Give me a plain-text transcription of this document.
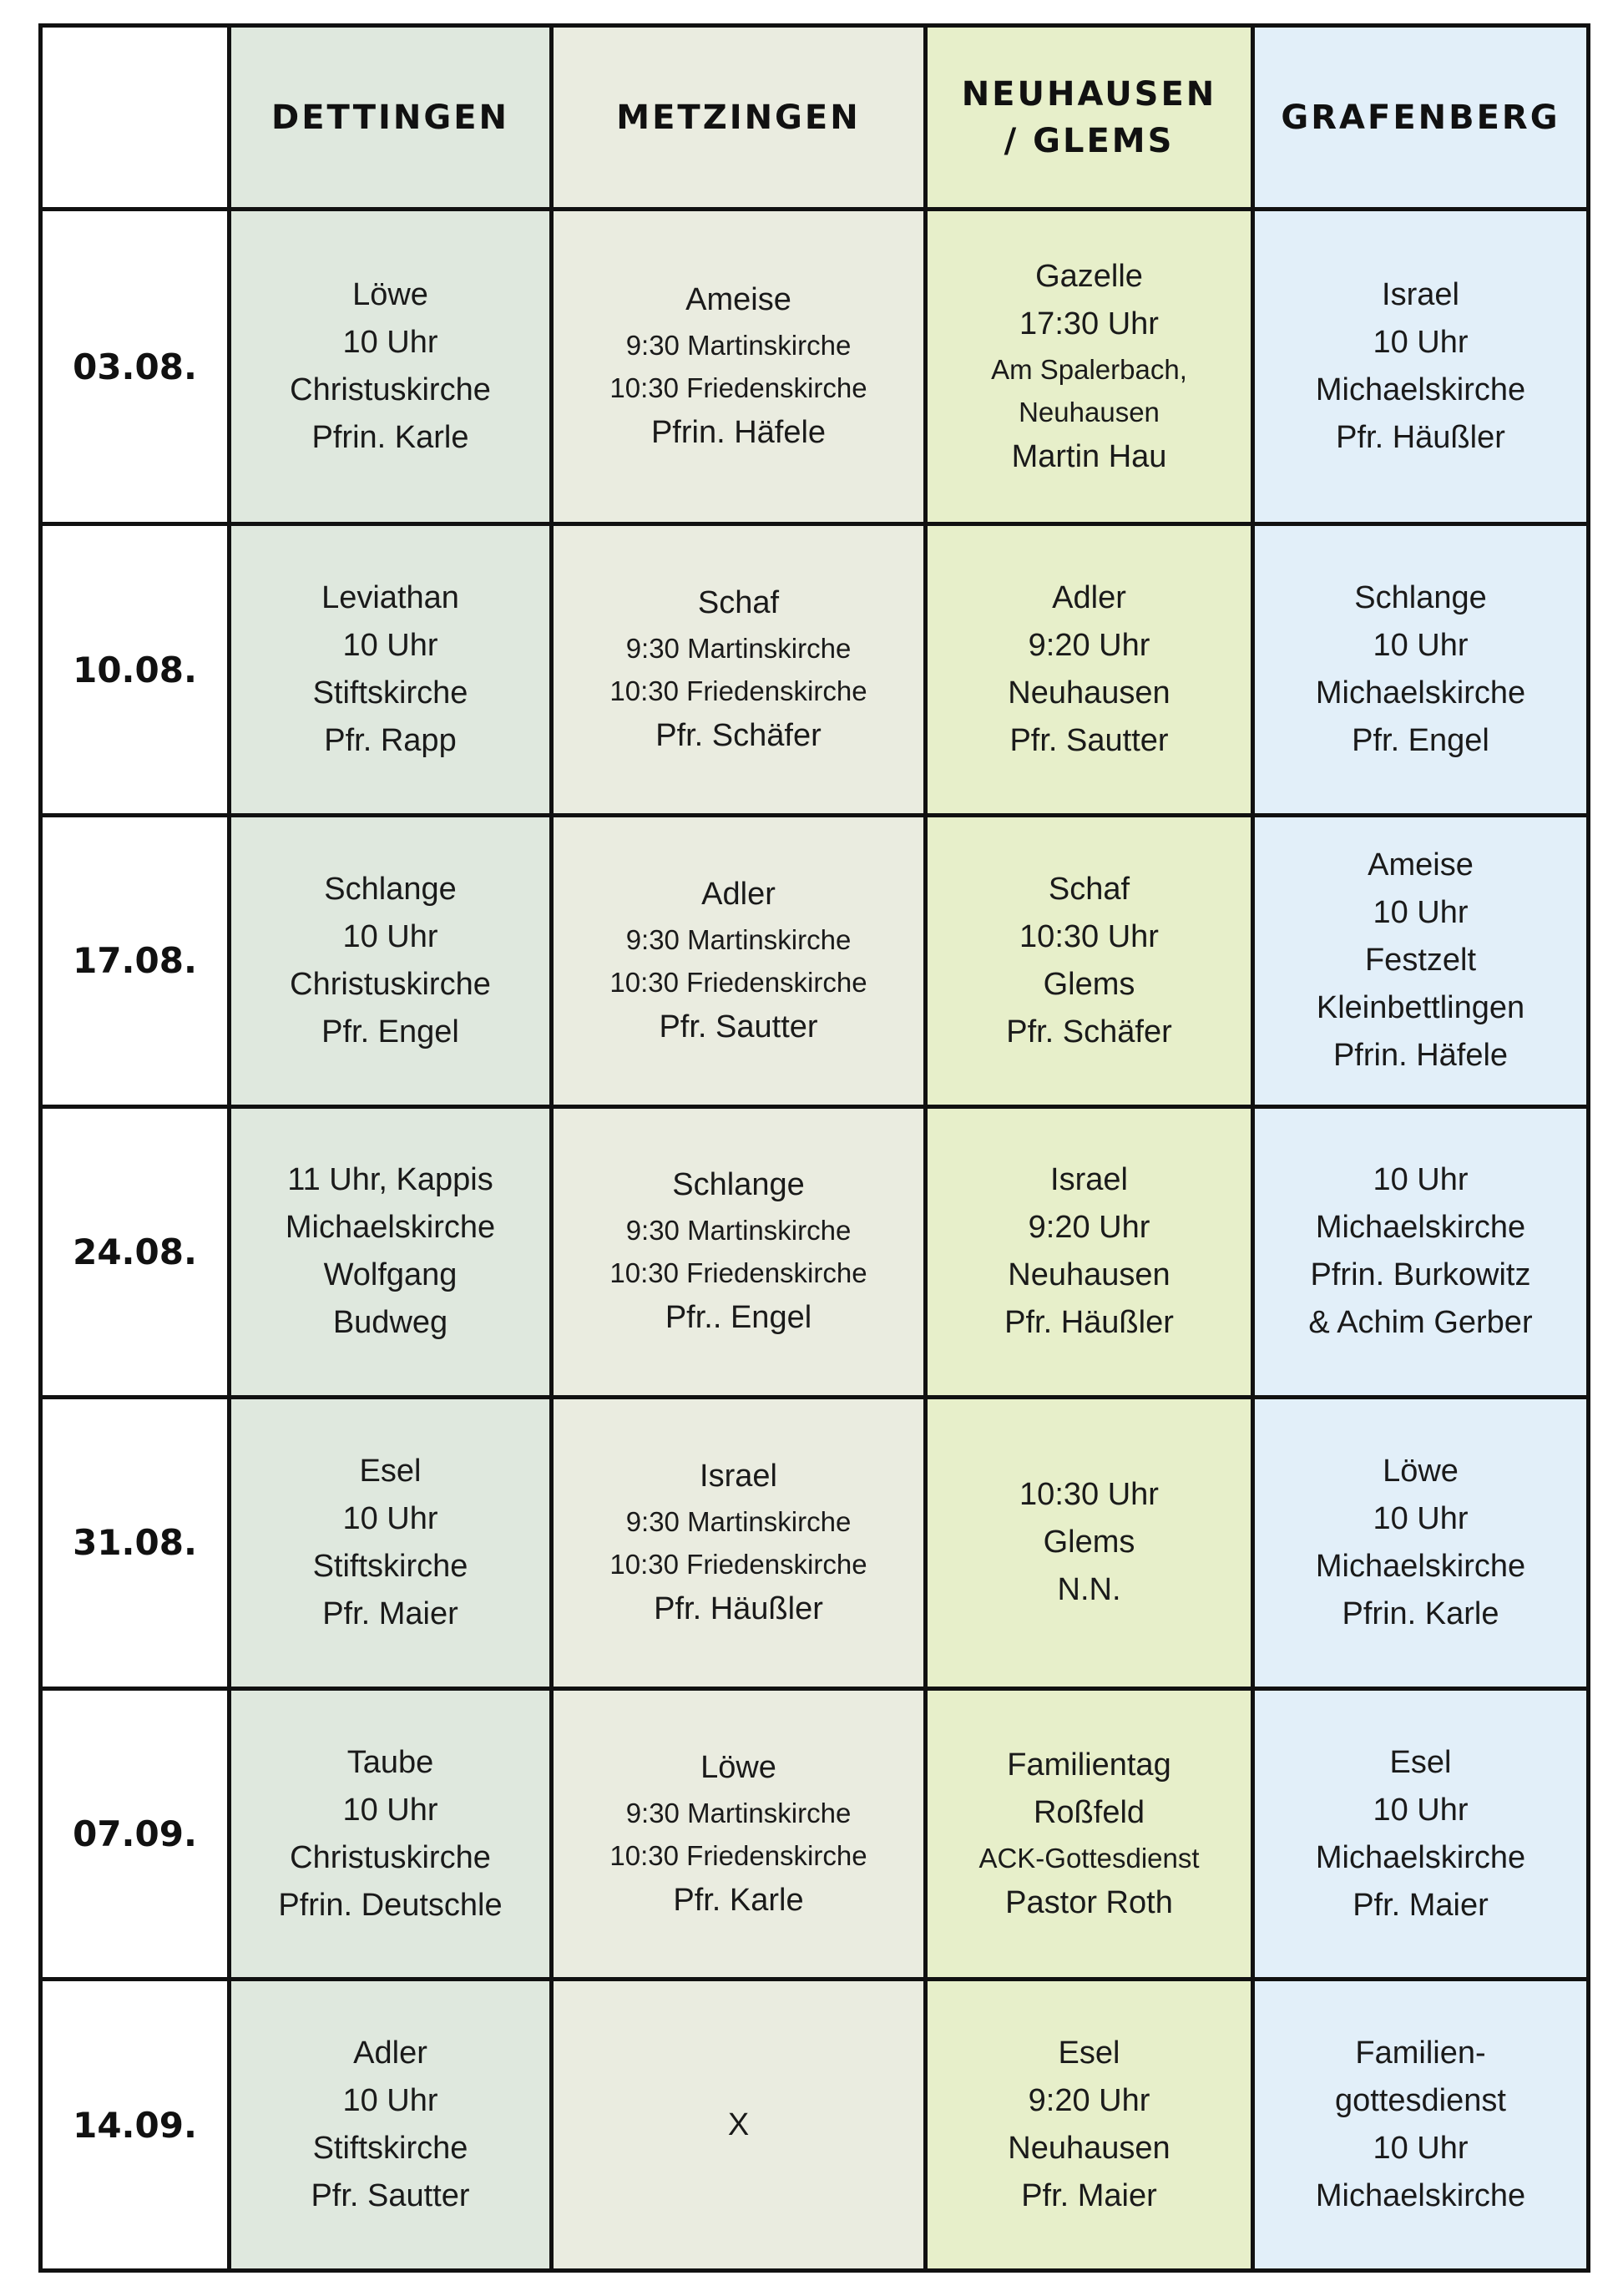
	DETTINGEN	METZINGEN	NEUHAUSEN
/ GLEMS	GRAFENBERG
03.08.	Löwe
10 Uhr
Christuskirche
Pfrin. Karle	Ameise
9:30 Martinskirche
10:30 Friedenskirche
Pfrin. Häfele	Gazelle
17:30 Uhr
Am Spalerbach,
Neuhausen
Martin Hau	Israel
10 Uhr
Michaelskirche
Pfr. Häußler

10.08.	Leviathan
10 Uhr
Stiftskirche
Pfr. Rapp	Schaf
9:30 Martinskirche
10:30 Friedenskirche
Pfr. Schäfer	Adler
9:20 Uhr
Neuhausen
Pfr. Sautter	Schlange
10 Uhr
Michaelskirche
Pfr. Engel

17.08.	Schlange
10 Uhr
Christuskirche
Pfr. Engel	Adler
9:30 Martinskirche
10:30 Friedenskirche
Pfr. Sautter	Schaf
10:30 Uhr
Glems
Pfr. Schäfer	Ameise
10 Uhr
Festzelt
Kleinbettlingen
Pfrin. Häfele

24.08.	11 Uhr, Kappis
Michaelskirche
Wolfgang
Budweg	Schlange
9:30 Martinskirche
10:30 Friedenskirche
Pfr.. Engel	Israel
9:20 Uhr
Neuhausen
Pfr. Häußler	10 Uhr
Michaelskirche
Pfrin. Burkowitz
& Achim Gerber

31.08.	Esel
10 Uhr
Stiftskirche
Pfr. Maier	Israel
9:30 Martinskirche
10:30 Friedenskirche
Pfr. Häußler	10:30 Uhr
Glems
N.N.	Löwe
10 Uhr
Michaelskirche
Pfrin. Karle

07.09.	Taube
10 Uhr
Christuskirche
Pfrin. Deutschle	Löwe
9:30 Martinskirche
10:30 Friedenskirche
Pfr. Karle	Familientag
Roßfeld
ACK-Gottesdienst
Pastor Roth	Esel
10 Uhr
Michaelskirche
Pfr. Maier

14.09.	Adler
10 Uhr
Stiftskirche
Pfr. Sautter	X	Esel
9:20 Uhr
Neuhausen
Pfr. Maier	Familien-
gottesdienst
10 Uhr
Michaelskirche
